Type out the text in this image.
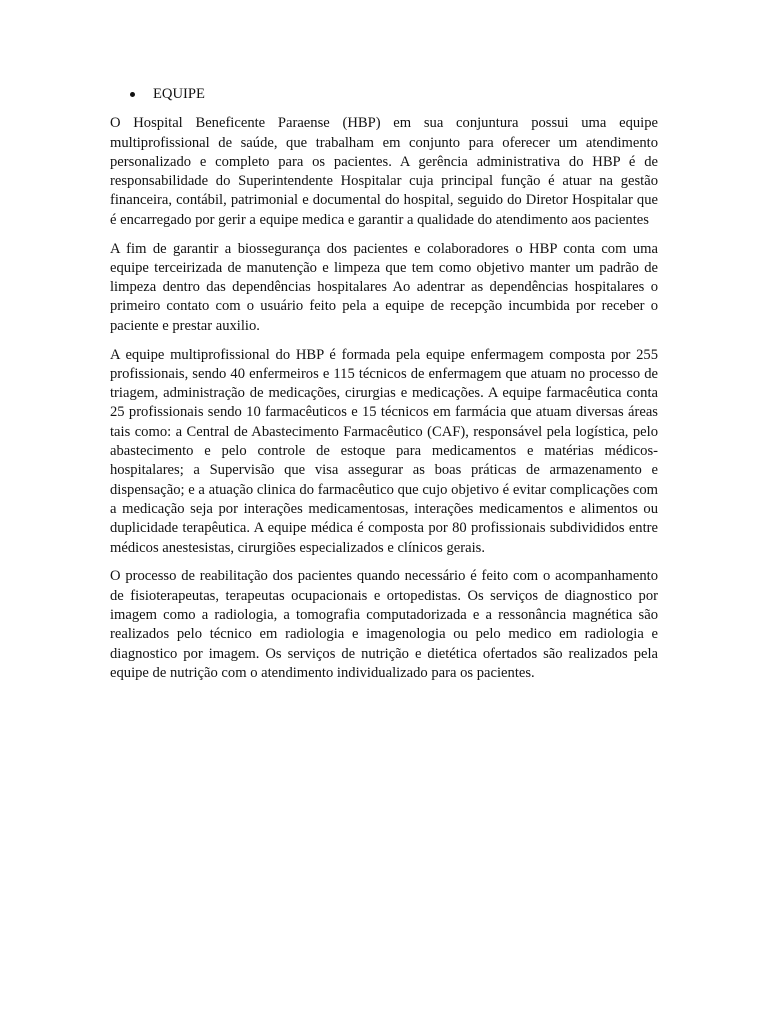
EQUIPE

O Hospital Beneficente Paraense (HBP) em sua conjuntura possui uma equipe multiprofissional de saúde, que trabalham em conjunto para oferecer um atendimento personalizado e completo para os pacientes. A gerência administrativa do HBP é de responsabilidade do Superintendente Hospitalar cuja principal função é atuar na gestão financeira, contábil, patrimonial e documental do hospital, seguido do Diretor Hospitalar que é encarregado por gerir a equipe medica e garantir a qualidade do atendimento aos pacientes

A fim de garantir a biossegurança dos pacientes e colaboradores o HBP conta com uma equipe terceirizada de manutenção e limpeza que tem como objetivo manter um padrão de limpeza dentro das dependências hospitalares Ao adentrar as dependências hospitalares o primeiro contato com o usuário feito pela a equipe de recepção incumbida por receber o paciente e prestar auxilio.

A equipe multiprofissional do HBP é formada pela equipe enfermagem composta por 255 profissionais, sendo 40 enfermeiros e 115 técnicos de enfermagem que atuam no processo de triagem, administração de medicações, cirurgias e medicações. A equipe farmacêutica conta 25 profissionais sendo 10 farmacêuticos e 15 técnicos em farmácia que atuam diversas áreas tais como: a Central de Abastecimento Farmacêutico (CAF), responsável pela logística, pelo abastecimento e pelo controle de estoque para medicamentos e matérias médicos-hospitalares; a Supervisão que visa assegurar as boas práticas de armazenamento e dispensação; e a atuação clinica do farmacêutico que cujo objetivo é evitar complicações com a medicação seja por interações medicamentosas, interações medicamentos e alimentos ou duplicidade terapêutica. A equipe médica é composta por 80 profissionais subdivididos entre médicos anestesistas, cirurgiões especializados e clínicos gerais.

O processo de reabilitação dos pacientes quando necessário é feito com o acompanhamento de fisioterapeutas, terapeutas ocupacionais e ortopedistas. Os serviços de diagnostico por imagem como a radiologia, a tomografia computadorizada e a ressonância magnética são realizados pelo técnico em radiologia e imagenologia ou pelo medico em radiologia e diagnostico por imagem. Os serviços de nutrição e dietética ofertados são realizados pela equipe de nutrição com o atendimento individualizado para os pacientes.
